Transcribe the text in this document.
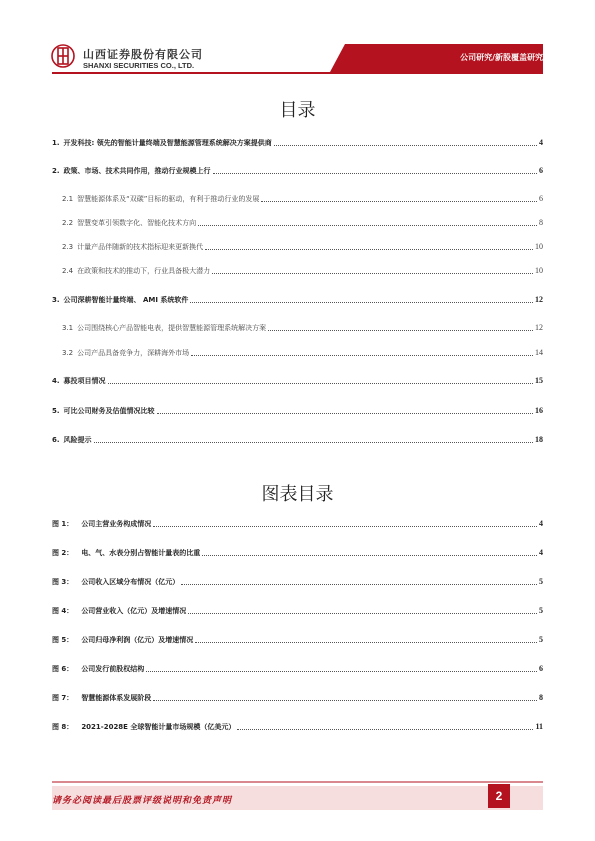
山西证券股份有限公司
SHANXI SECURITIES CO., LTD.
公司研究/新股覆盖研究
目录
1. 开发科技: 领先的智能计量终端及智慧能源管理系统解决方案提供商	4
2. 政策、市场、技术共同作用，推动行业规模上行	6
2.1 智慧能源体系及“双碳”目标的驱动，有利于推动行业的发展	6
2.2 智慧变革引领数字化、智能化技术方向	8
2.3 计量产品伴随新的技术指标迎来更新换代	10
2.4 在政策和技术的推动下，行业具备极大潜力	10
3. 公司深耕智能计量终端、 AMI 系统软件	12
3.1 公司围绕核心产品智能电表，提供智慧能源管理系统解决方案	12
3.2 公司产品具备竞争力，深耕海外市场	14
4. 募投项目情况	15
5. 可比公司财务及估值情况比较	16
6. 风险提示	18
图表目录
图 1： 公司主营业务构成情况	4
图 2： 电、气、水表分别占智能计量表的比重	4
图 3： 公司收入区域分布情况（亿元）	5
图 4： 公司营业收入（亿元）及增速情况	5
图 5： 公司归母净利润（亿元）及增速情况	5
图 6： 公司发行前股权结构	6
图 7： 智慧能源体系发展阶段	8
图 8： 2021-2028E 全球智能计量市场规模（亿美元）	11
请务必阅读最后股票评级说明和免责声明	2
